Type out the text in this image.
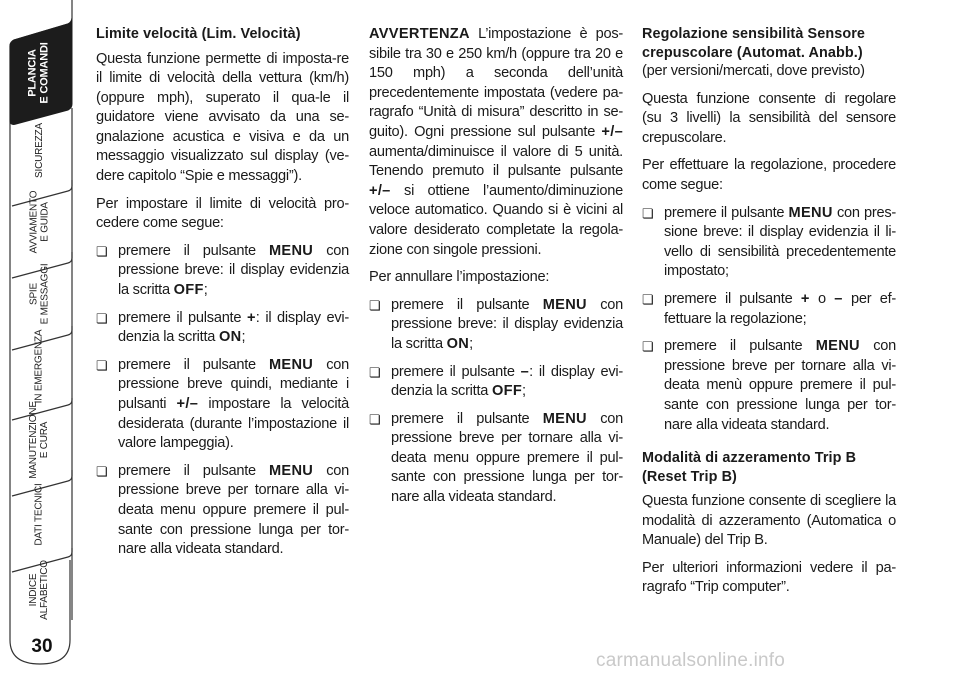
PLANCIA
E COMANDI
SICUREZZA
AVVIAMENTO
E GUIDA
SPIE
E MESSAGGI
IN EMERGENZA
MANUTENZIONE
E CURA
DATI TECNICI
INDICE
ALFABETICO
30
Limite velocità (Lim. Velocità)

Questa funzione permette di imposta-re il limite di velocità della vettura (km/h) (oppure mph), superato il qua-le il guidatore viene avvisato da una se-gnalazione acustica e visiva e da un messaggio visualizzato sul display (ve-dere capitolo “Spie e messaggi”).

Per impostare il limite di velocità pro-cedere come segue:

❏ premere il pulsante MENU con pressione breve: il display evidenzia la scritta OFF;
❏ premere il pulsante +: il display evi-denzia la scritta ON;
❏ premere il pulsante MENU con pressione breve quindi, mediante i pulsanti +/– impostare la velocità desiderata (durante l’impostazione il valore lampeggia).
❏ premere il pulsante MENU con pressione breve per tornare alla vi-deata menu oppure premere il pul-sante con pressione lunga per tor-nare alla videata standard.

AVVERTENZA L’impostazione è pos-sibile tra 30 e 250 km/h (oppure tra 20 e 150 mph) a seconda dell’unità precedentemente impostata (vedere pa-ragrafo “Unità di misura” descritto in se-guito). Ogni pressione sul pulsante +/– aumenta/diminuisce il valore di 5 unità. Tenendo premuto il pulsante pulsante +/– si ottiene l’aumento/diminuzione veloce automatico. Quando si è vicini al valore desiderato completate la regola-zione con singole pressioni.

Per annullare l’impostazione:

❏ premere il pulsante MENU con pressione breve: il display evidenzia la scritta ON;
❏ premere il pulsante –: il display evi-denzia la scritta OFF;
❏ premere il pulsante MENU con pressione breve per tornare alla vi-deata menu oppure premere il pul-sante con pressione lunga per tor-nare alla videata standard.
Regolazione sensibilità Sensore crepuscolare (Automat. Anabb.)

(per versioni/mercati, dove previsto)

Questa funzione consente di regolare (su 3 livelli) la sensibilità del sensore crepuscolare.

Per effettuare la regolazione, procedere come segue:

❏ premere il pulsante MENU con pres-sione breve: il display evidenzia il li-vello di sensibilità precedentemente impostato;
❏ premere il pulsante + o – per ef-fettuare la regolazione;
❏ premere il pulsante MENU con pressione breve per tornare alla vi-deata menù oppure premere il pul-sante con pressione lunga per tor-nare alla videata standard.
Modalità di azzeramento Trip B (Reset Trip B)

Questa funzione consente di scegliere la modalità di azzeramento (Automatica o Manuale) del Trip B.

Per ulteriori informazioni vedere il pa-ragrafo “Trip computer”.

carmanualsonline.info
